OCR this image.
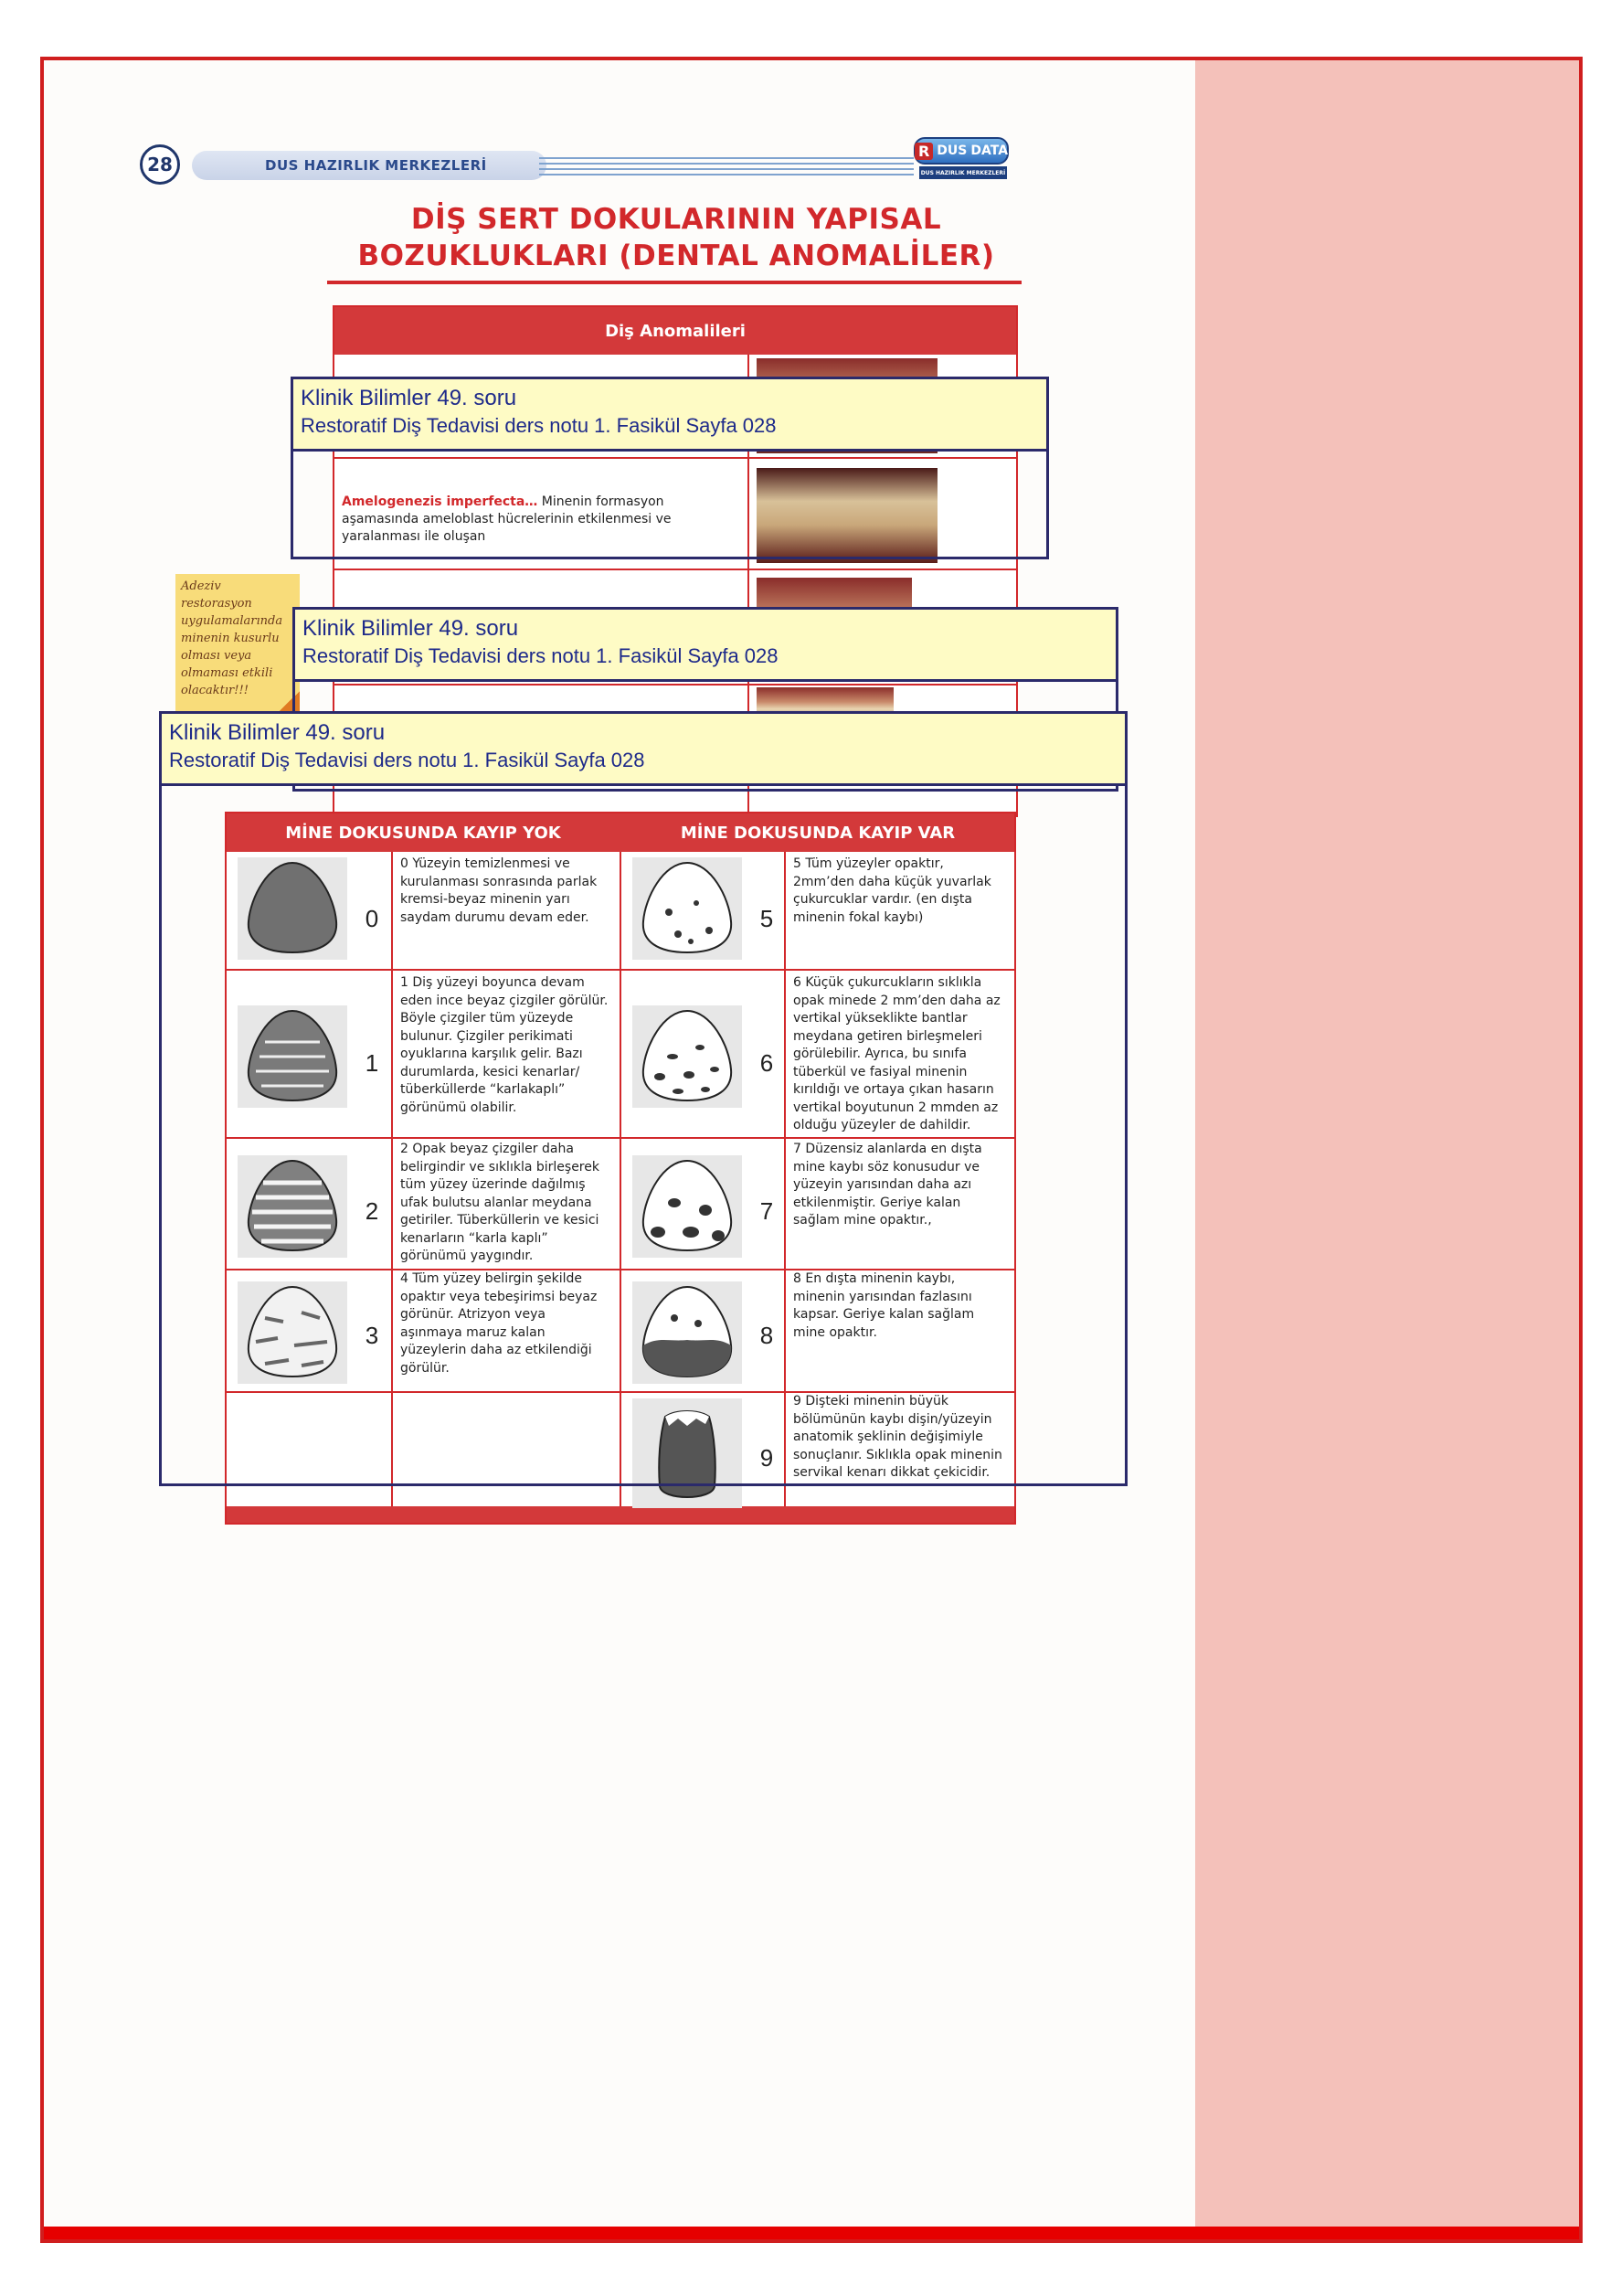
28	DUS HAZIRLIK MERKEZLERİ
R DUS DATA
DUS HAZIRLIK MERKEZLERİ
DİŞ SERT DOKULARININ YAPISAL
BOZUKLUKLARI (DENTAL ANOMALİLER)
Diş Anomalileri
Amelogenezis imperfecta… Minenin formasyon aşamasında ameloblast hücrelerinin etkilenmesi ve yaralanması ile oluşan
Adeziv restorasyon uygulamalarında minenin kusurlu olması veya olmaması etkili olacaktır!!!
MİNE DOKUSUNDA KAYIP YOK	MİNE DOKUSUNDA KAYIP VAR
0
0 Yüzeyin temizlenmesi ve kurulanması sonrasında parlak kremsi-beyaz minenin yarı saydam durumu devam eder.
1
1 Diş yüzeyi boyunca devam eden ince beyaz çizgiler görülür. Böyle çizgiler tüm yüzeyde bulunur. Çizgiler perikimati oyuklarına karşılık gelir. Bazı durumlarda, kesici kenarlar/ tüberküllerde “karlakaplı” görünümü olabilir.
2
2 Opak beyaz çizgiler daha belirgindir ve sıklıkla birleşerek tüm yüzey üzerinde dağılmış ufak bulutsu alanlar meydana getiriler. Tüberküllerin ve kesici kenarların “karla kaplı” görünümü yaygındır.
3
4 Tüm yüzey belirgin şekilde opaktır veya tebeşirimsi beyaz görünür. Atrizyon veya aşınmaya maruz kalan yüzeylerin daha az etkilendiği görülür.
5
5 Tüm yüzeyler opaktır, 2mm’den daha küçük yuvarlak çukurcuklar vardır. (en dışta minenin fokal kaybı)
6
6 Küçük çukurcukların sıklıkla opak minede 2 mm’den daha az vertikal yükseklikte bantlar meydana getiren birleşmeleri görülebilir. Ayrıca, bu sınıfa tüberkül ve fasiyal minenin kırıldığı ve ortaya çıkan hasarın vertikal boyutunun 2 mmden az olduğu yüzeyler de dahildir.
7
7 Düzensiz alanlarda en dışta mine kaybı söz konusudur ve yüzeyin yarısından daha azı etkilenmiştir. Geriye kalan sağlam mine opaktır.,
8
8 En dışta minenin kaybı, minenin yarısından fazlasını kapsar. Geriye kalan sağlam mine opaktır.
9
9 Dişteki minenin büyük bölümünün kaybı dişin/yüzeyin anatomik şeklinin değişimiyle sonuçlanır. Sıklıkla opak minenin servikal kenarı dikkat çekicidir.
Klinik Bilimler 49. soru
Restoratif Diş Tedavisi ders notu 1. Fasikül Sayfa 028
Klinik Bilimler 49. soru
Restoratif Diş Tedavisi ders notu 1. Fasikül Sayfa 028
Klinik Bilimler 49. soru
Restoratif Diş Tedavisi ders notu 1. Fasikül Sayfa 028
